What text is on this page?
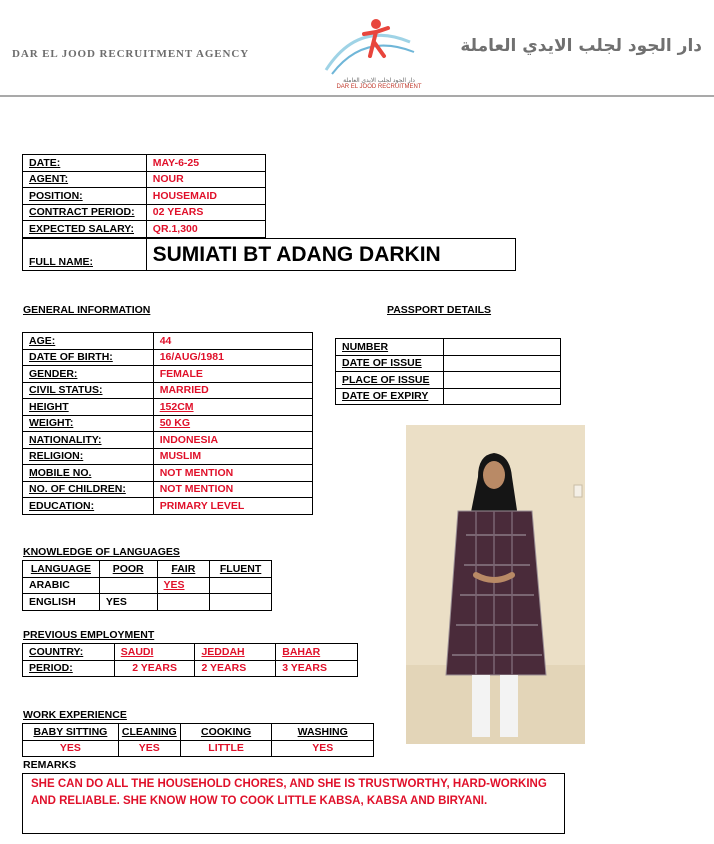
DAR EL JOOD RECRUITMENT AGENCY
دار الجود لجلب الايدي العاملة
DAR EL JOOD RECRUITMENT
دار الجود لجلب الايدي العاملة
DATE:	MAY-6-25
AGENT:	NOUR
POSITION:	HOUSEMAID
CONTRACT PERIOD:	02 YEARS
EXPECTED SALARY:	QR.1,300
FULL NAME:	SUMIATI BT ADANG DARKIN
GENERAL INFORMATION	PASSPORT DETAILS
AGE:	44
DATE OF BIRTH:	16/AUG/1981
GENDER:	FEMALE
CIVIL STATUS:	MARRIED
HEIGHT	152CM
WEIGHT:	50 KG
NATIONALITY:	INDONESIA
RELIGION:	MUSLIM
MOBILE NO.	NOT MENTION
NO. OF CHILDREN:	NOT MENTION
EDUCATION:	PRIMARY LEVEL
NUMBER	
DATE OF ISSUE	
PLACE OF ISSUE	
DATE OF EXPIRY	
KNOWLEDGE OF LANGUAGES
LANGUAGE	POOR	FAIR	FLUENT
ARABIC		YES	
ENGLISH	YES		
PREVIOUS EMPLOYMENT
COUNTRY:	SAUDI	JEDDAH	BAHAR
PERIOD:	2 YEARS	2 YEARS	3 YEARS
WORK EXPERIENCE
BABY SITTING	CLEANING	COOKING	WASHING
YES	YES	LITTLE	YES
REMARKS
SHE CAN DO ALL THE HOUSEHOLD CHORES, AND SHE IS TRUSTWORTHY, HARD-WORKING AND RELIABLE. SHE KNOW HOW TO COOK LITTLE KABSA, KABSA AND BIRYANI.
